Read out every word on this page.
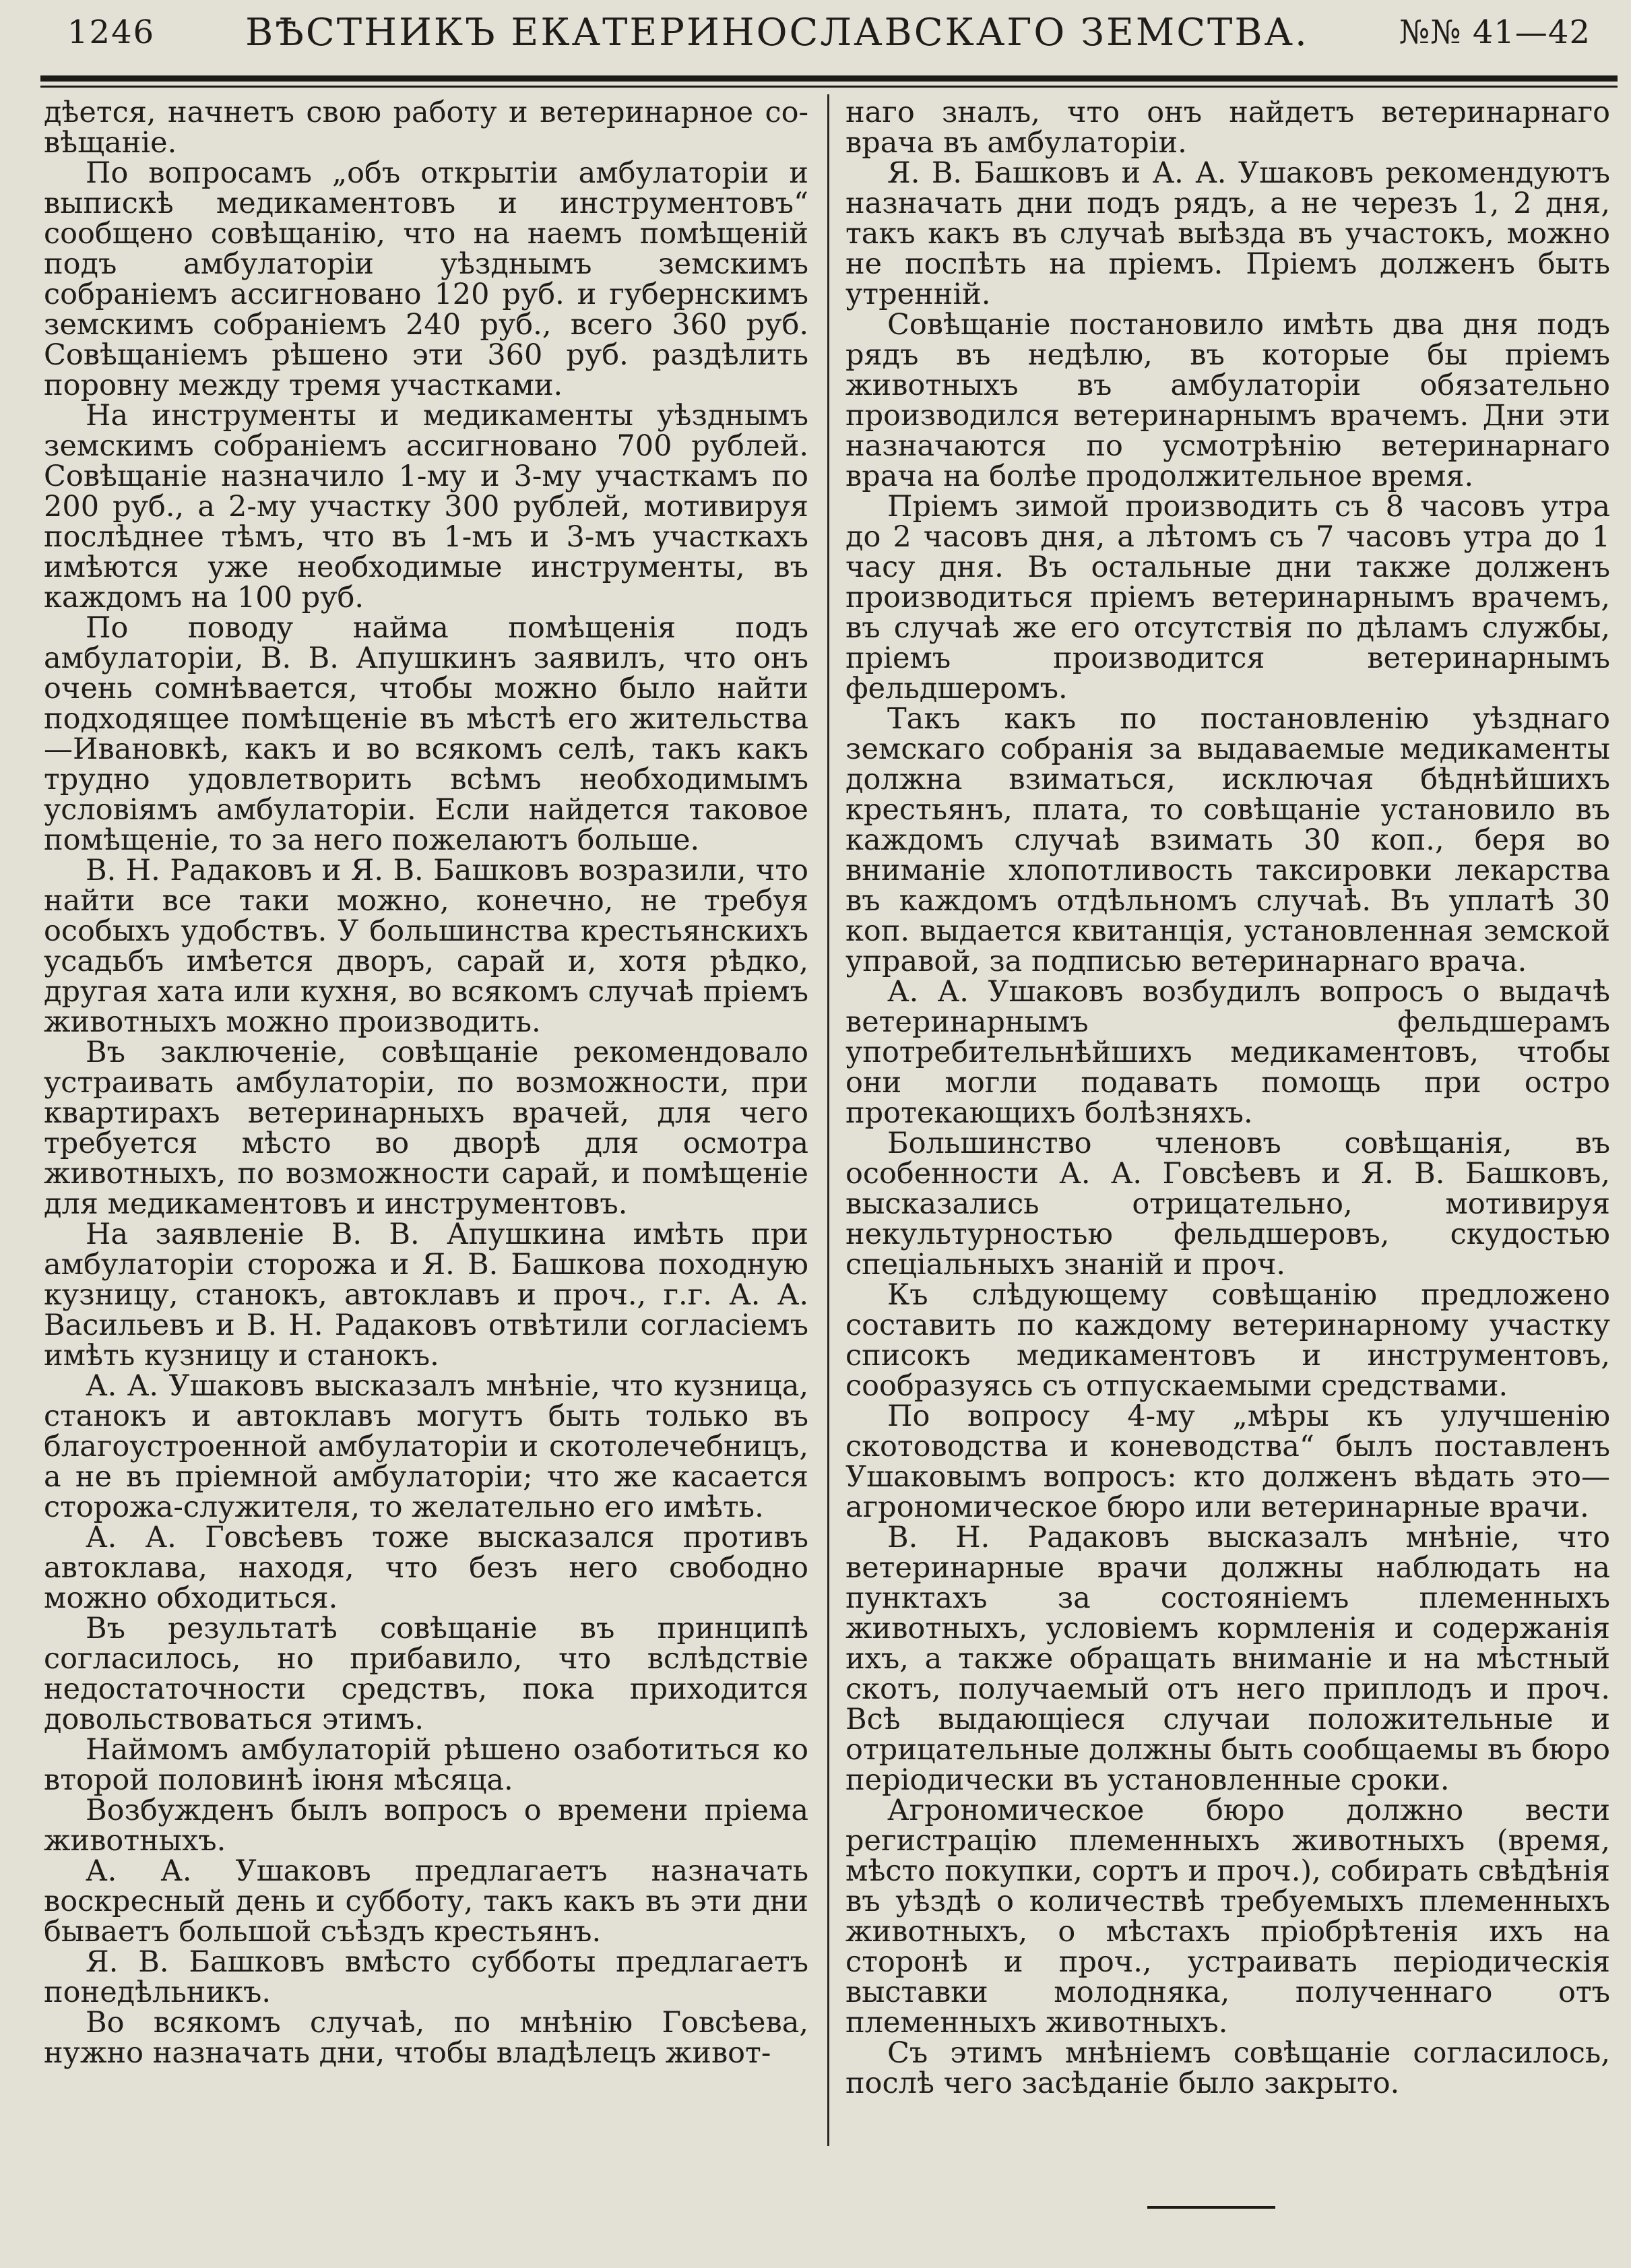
1246 ВѢСТНИКЪ ЕКАТЕРИНОСЛАВСКАГО ЗЕМСТВА.	№№ 41—42

дѣется, начнетъ свою работу и ветеринарное со-вѣщаніе.

По вопросамъ „объ открытіи амбулаторіи и выпискѣ медикаментовъ и инструментовъ“ сообщено совѣщанію, что на наемъ помѣщеній подъ амбулаторіи уѣзднымъ земскимъ собраніемъ ассигновано 120 руб. и губернскимъ земскимъ собраніемъ 240 руб., всего 360 руб. Совѣщаніемъ рѣшено эти 360 руб. раздѣлить поровну между тремя участками.

На инструменты и медикаменты уѣзднымъ земскимъ собраніемъ ассигновано 700 рублей. Совѣщаніе назначило 1-му и 3-му участкамъ по 200 руб., а 2-му участку 300 рублей, мотивируя послѣднее тѣмъ, что въ 1-мъ и 3-мъ участкахъ имѣются уже необходимые инструменты, въ каждомъ на 100 руб.

По поводу найма помѣщенія подъ амбулаторіи, В. В. Апушкинъ заявилъ, что онъ очень сомнѣвается, чтобы можно было найти подходящее помѣщеніе въ мѣстѣ его жительства—Ивановкѣ, какъ и во всякомъ селѣ, такъ какъ трудно удовлетворить всѣмъ необходимымъ условіямъ амбулаторіи. Если найдется таковое помѣщеніе, то за него пожелаютъ больше.

В. Н. Радаковъ и Я. В. Башковъ возразили, что найти все таки можно, конечно, не требуя особыхъ удобствъ. У большинства крестьянскихъ усадьбъ имѣется дворъ, сарай и, хотя рѣдко, другая хата или кухня, во всякомъ случаѣ пріемъ животныхъ можно производить.

Въ заключеніе, совѣщаніе рекомендовало устраивать амбулаторіи, по возможности, при квартирахъ ветеринарныхъ врачей, для чего требуется мѣсто во дворѣ для осмотра животныхъ, по возможности сарай, и помѣщеніе для медикаментовъ и инструментовъ.

На заявленіе В. В. Апушкина имѣть при амбулаторіи сторожа и Я. В. Башкова походную кузницу, станокъ, автоклавъ и проч., г.г. А. А. Васильевъ и В. Н. Радаковъ отвѣтили согласіемъ имѣть кузницу и станокъ.

А. А. Ушаковъ высказалъ мнѣніе, что кузница, станокъ и автоклавъ могутъ быть только въ благоустроенной амбулаторіи и скотолечебницъ, а не въ пріемной амбулаторіи; что же касается сторожа-служителя, то желательно его имѣть.

А. А. Говсѣевъ тоже высказался противъ автоклава, находя, что безъ него свободно можно обходиться.

Въ результатѣ совѣщаніе въ принципѣ согласилось, но прибавило, что вслѣдствіе недостаточности средствъ, пока приходится довольствоваться этимъ.

Наймомъ амбулаторій рѣшено озаботиться ко второй половинѣ іюня мѣсяца.

Возбужденъ былъ вопросъ о времени пріема животныхъ.

А. А. Ушаковъ предлагаетъ назначать воскресный день и субботу, такъ какъ въ эти дни бываетъ большой съѣздъ крестьянъ.

Я. В. Башковъ вмѣсто субботы предлагаетъ понедѣльникъ.

Во всякомъ случаѣ, по мнѣнію Говсѣева, нужно назначать дни, чтобы владѣлецъ живот-

наго зналъ, что онъ найдетъ ветеринарнаго врача въ амбулаторіи.

Я. В. Башковъ и А. А. Ушаковъ рекомендуютъ назначать дни подъ рядъ, а не черезъ 1, 2 дня, такъ какъ въ случаѣ выѣзда въ участокъ, можно не поспѣть на пріемъ. Пріемъ долженъ быть утренній.

Совѣщаніе постановило имѣть два дня подъ рядъ въ недѣлю, въ которые бы пріемъ животныхъ въ амбулаторіи обязательно производился ветеринарнымъ врачемъ. Дни эти назначаются по усмотрѣнію ветеринарнаго врача на болѣе продолжительное время.

Пріемъ зимой производить съ 8 часовъ утра до 2 часовъ дня, а лѣтомъ съ 7 часовъ утра до 1 часу дня. Въ остальные дни также долженъ производиться пріемъ ветеринарнымъ врачемъ, въ случаѣ же его отсутствія по дѣламъ службы, пріемъ производится ветеринарнымъ фельдшеромъ.

Такъ какъ по постановленію уѣзднаго земскаго собранія за выдаваемые медикаменты должна взиматься, исключая бѣднѣйшихъ крестьянъ, плата, то совѣщаніе установило въ каждомъ случаѣ взимать 30 коп., беря во вниманіе хлопотливость таксировки лекарства въ каждомъ отдѣльномъ случаѣ. Въ уплатѣ 30 коп. выдается квитанція, установленная земской управой, за подписью ветеринарнаго врача.

А. А. Ушаковъ возбудилъ вопросъ о выдачѣ ветеринарнымъ фельдшерамъ употребительнѣйшихъ медикаментовъ, чтобы они могли подавать помощь при остро протекающихъ болѣзняхъ.

Большинство членовъ совѣщанія, въ особенности А. А. Говсѣевъ и Я. В. Башковъ, высказались отрицательно, мотивируя некультурностью фельдшеровъ, скудостью спеціальныхъ знаній и проч.

Къ слѣдующему совѣщанію предложено составить по каждому ветеринарному участку списокъ медикаментовъ и инструментовъ, сообразуясь съ отпускаемыми средствами.

По вопросу 4-му „мѣры къ улучшенію скотоводства и коневодства“ былъ поставленъ Ушаковымъ вопросъ: кто долженъ вѣдать это—агрономическое бюро или ветеринарные врачи.

В. Н. Радаковъ высказалъ мнѣніе, что ветеринарные врачи должны наблюдать на пунктахъ за состояніемъ племенныхъ животныхъ, условіемъ кормленія и содержанія ихъ, а также обращать вниманіе и на мѣстный скотъ, получаемый отъ него приплодъ и проч. Всѣ выдающіеся случаи положительные и отрицательные должны быть сообщаемы въ бюро періодически въ установленные сроки.

Агрономическое бюро должно вести регистрацію племенныхъ животныхъ (время, мѣсто покупки, сортъ и проч.), собирать свѣдѣнія въ уѣздѣ о количествѣ требуемыхъ племенныхъ животныхъ, о мѣстахъ пріобрѣтенія ихъ на сторонѣ и проч., устраивать періодическія выставки молодняка, полученнаго отъ племенныхъ животныхъ.

Съ этимъ мнѣніемъ совѣщаніе согласилось, послѣ чего засѣданіе было закрыто.
